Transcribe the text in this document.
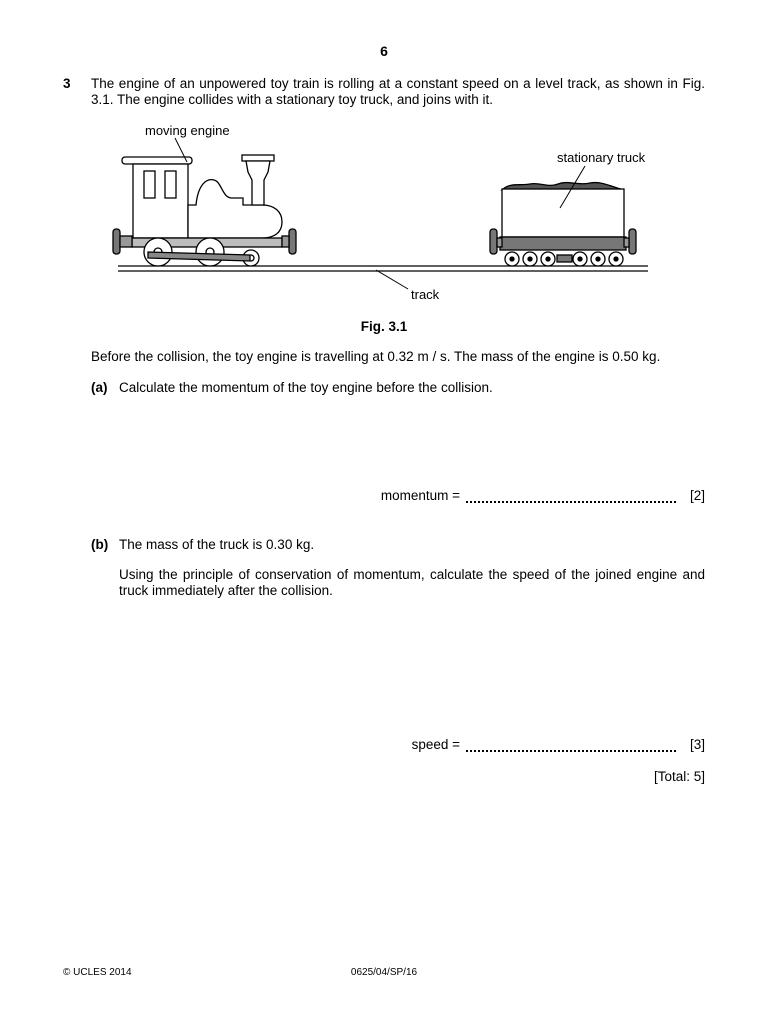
6
3 The engine of an unpowered toy train is rolling at a constant speed on a level track, as shown in Fig. 3.1. The engine collides with a stationary toy truck, and joins with it.
moving engine
stationary truck
track
Fig. 3.1
Before the collision, the toy engine is travelling at 0.32 m / s. The mass of the engine is 0.50 kg.
(a) Calculate the momentum of the toy engine before the collision.
momentum =	[2]
(b) The mass of the truck is 0.30 kg.
Using the principle of conservation of momentum, calculate the speed of the joined engine and truck immediately after the collision.
speed =	[3]
[Total: 5]
© UCLES 2014	0625/04/SP/16
